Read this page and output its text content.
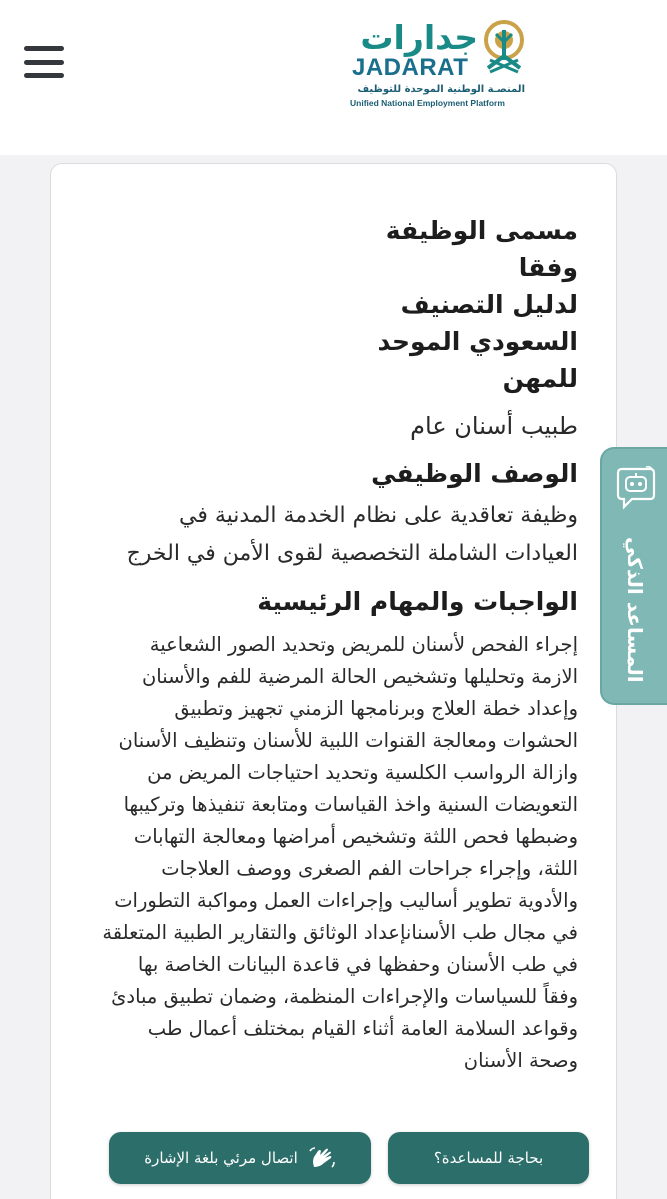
جدارات
JADARAT
المنصـة الوطنية الموحدة للتوظيف
Unified National Employment Platform
مسمى الوظيفة وفقا
لدليل التصنيف
السعودي الموحد
للمهن
طبيب أسنان عام
الوصف الوظيفي
وظيفة تعاقدية على نظام الخدمة المدنية في العيادات الشاملة التخصصية لقوى الأمن في الخرج
الواجبات والمهام الرئيسية
إجراء الفحص لأسنان للمريض وتحديد الصور الشعاعية الازمة وتحليلها وتشخيص الحالة المرضية للفم والأسنان وإعداد خطة العلاج وبرنامجها الزمني تجهيز وتطبيق الحشوات ومعالجة القنوات اللبية للأسنان وتنظيف الأسنان وازالة الرواسب الكلسية وتحديد احتياجات المريض من التعويضات السنية واخذ القياسات ومتابعة تنفيذها وتركيبها وضبطها فحص اللثة وتشخيص أمراضها ومعالجة التهابات اللثة، وإجراء جراحات الفم الصغرى ووصف العلاجات والأدوية تطوير أساليب وإجراءات العمل ومواكبة التطورات في مجال طب الأسنانإعداد الوثائق والتقارير الطبية المتعلقة في طب الأسنان وحفظها في قاعدة البيانات الخاصة بها وفقاً للسياسات والإجراءات المنظمة، وضمان تطبيق مبادئ وقواعد السلامة العامة أثناء القيام بمختلف أعمال طب وصحة الأسنان
المساعد الذكي
بحاجة للمساعدة؟
اتصال مرئي بلغة الإشارة
